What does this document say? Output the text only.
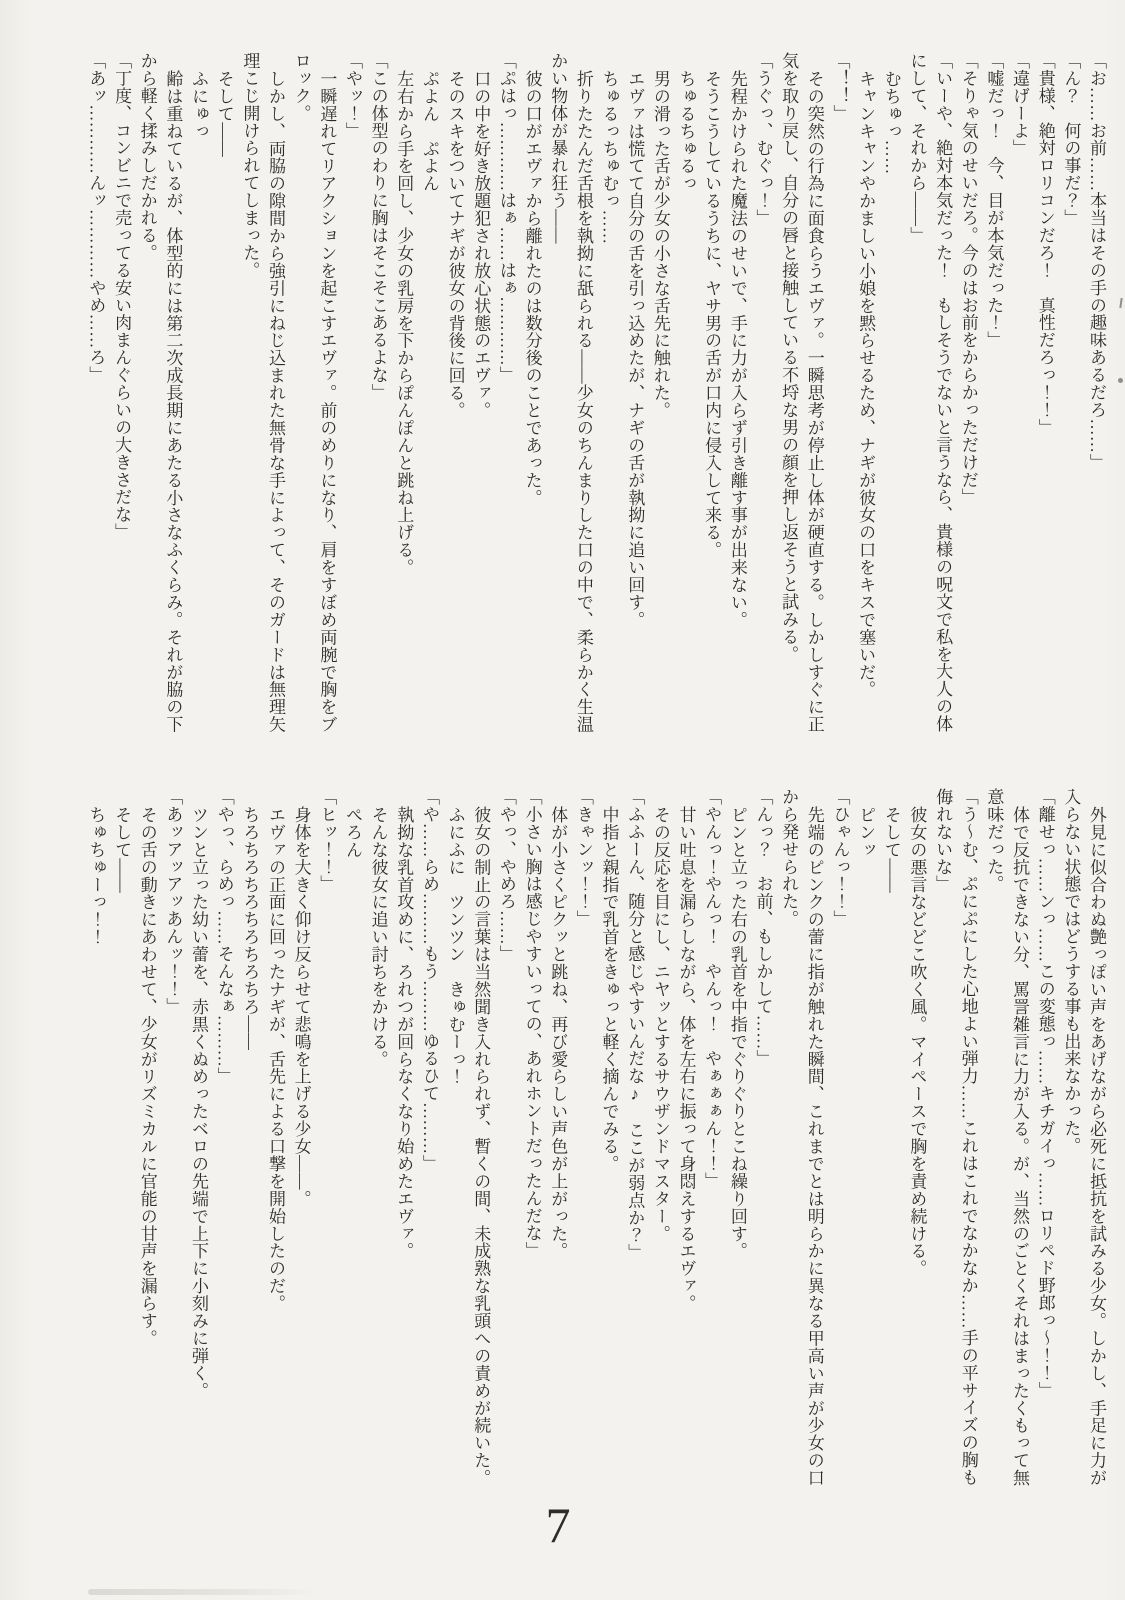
「お……お前……本当はその手の趣味あるだろ……」

「ん？　何の事だ？」

「貴様、絶対ロリコンだろ！　真性だろっ！！」

「違げーよ」

「嘘だっ！　今、目が本気だった！」

「そりゃ気のせいだろ。今のはお前をからかっただけだ」

「いーや、絶対本気だった！　もしそうでないと言うなら、貴様の呪文で私を大人の体

にして、それから――」

むちゅっ……

キャンキャンやかましい小娘を黙らせるため、ナギが彼女の口をキスで塞いだ。

「！！」

その突然の行為に面食らうエヴァ。一瞬思考が停止し体が硬直する。しかしすぐに正

気を取り戻し、自分の唇と接触している不埒な男の顔を押し返そうと試みる。

「うぐっ、むぐっ！」

先程かけられた魔法のせいで、手に力が入らず引き離す事が出来ない。

そうこうしているうちに、ヤサ男の舌が口内に侵入して来る。

ちゅるちゅるっ

男の滑った舌が少女の小さな舌先に触れた。

エヴァは慌てて自分の舌を引っ込めたが、ナギの舌が執拗に追い回す。

ちゅるっちゅむっ……

折りたたんだ舌根を執拗に舐られる――少女のちんまりした口の中で、柔らかく生温

かい物体が暴れ狂う――

彼の口がエヴァから離れたのは数分後のことであった。

「ぷはっ…………はぁ……はぁ…………」

口の中を好き放題犯され放心状態のエヴァ。

そのスキをついてナギが彼女の背後に回る。

ぷよん　ぷよん

左右から手を回し、少女の乳房を下からぽんぽんと跳ね上げる。

「この体型のわりに胸はそこそこあるよな」

「やッ！」

一瞬遅れてリアクションを起こすエヴァ。前のめりになり、肩をすぼめ両腕で胸をブ

ロック。

しかし、両脇の隙間から強引にねじ込まれた無骨な手によって、そのガードは無理矢

理こじ開けられてしまった。

そして――

ふにゅっ

齢は重ねているが、体型的には第二次成長期にあたる小さなふくらみ。それが脇の下

から軽く揉みしだかれる。

「丁度、コンビニで売ってる安い肉まんぐらいの大きさだな」

「あッ…………んッ…………やめ……ろ」

外見に似合わぬ艶っぽい声をあげながら必死に抵抗を試みる少女。しかし、手足に力が

入らない状態ではどうする事も出来なかった。

「離せっ……ンっ……この変態っ……キチガイっ……ロリペド野郎っ～！！」

体で反抗できない分、罵詈雑言に力が入る。が、当然のごとくそれはまったくもって無

意味だった。

「う～む、ぷにぷにした心地よい弾力……これはこれでなかなか……手の平サイズの胸も

侮れないな」

彼女の悪言などどこ吹く風。マイペースで胸を責め続ける。

そして――

ピンッ

「ひゃんっ！！」

先端のピンクの蕾に指が触れた瞬間、これまでとは明らかに異なる甲高い声が少女の口

から発せられた。

「んっ？　お前、もしかして……」

ピンと立った右の乳首を中指でぐりぐりとこね繰り回す。

「やんっ！やんっ！　やんっ！　やぁぁぁん！！」

甘い吐息を漏らしながら、体を左右に振って身悶えするエヴァ。

その反応を目にし、ニヤッとするサウザンドマスター。

「ふふーん、随分と感じやすいんだな♪　ここが弱点か？」

中指と親指で乳首をきゅっと軽く摘んでみる。

「きゃンッ！！」

体が小さくピクッと跳ね、再び愛らしい声色が上がった。

「小さい胸は感じやすいっての、あれホントだったんだな」

「やっ、やめろ……」

彼女の制止の言葉は当然聞き入れられず、暫くの間、未成熟な乳頭への責めが続いた。

ふにふに　ツンツン　きゅむーっ！

「や……らめ………もう………ゆるひて………」

執拗な乳首攻めに、ろれつが回らなくなり始めたエヴァ。

そんな彼女に追い討ちをかける。

ぺろん

「ヒッ！！」

身体を大きく仰け反らせて悲鳴を上げる少女――。

エヴァの正面に回ったナギが、舌先による口撃を開始したのだ。

ちろちろちろちろちろちろ――

「やっ、らめっ……そんなぁ………」

ツンと立った幼い蕾を、赤黒くぬめったベロの先端で上下に小刻みに弾く。

「あッアッアッあんッ！！」

その舌の動きにあわせて、少女がリズミカルに官能の甘声を漏らす。

そして――

ちゅちゅーっ！！

7
